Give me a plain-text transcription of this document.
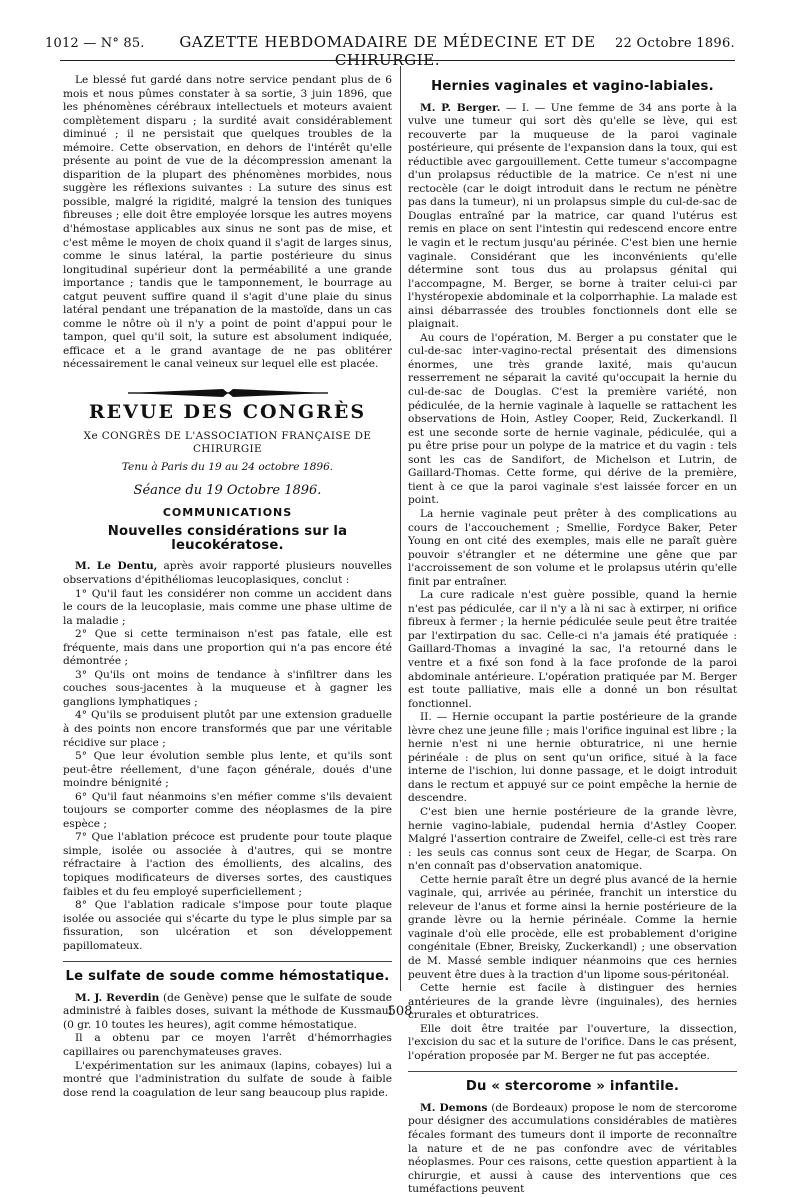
1012 — N° 85.	GAZETTE HEBDOMADAIRE DE MÉDECINE ET DE CHIRURGIE.
22 Octobre 1896.

Le blessé fut gardé dans notre service pendant plus de 6 mois et nous pûmes constater à sa sortie, 3 juin 1896, que les phénomènes cérébraux intellectuels et moteurs avaient complètement disparu ; la surdité avait considérablement diminué ; il ne persistait que quelques troubles de la mémoire. Cette observation, en dehors de l'intérêt qu'elle présente au point de vue de la décompression amenant la disparition de la plupart des phénomènes morbides, nous suggère les réflexions suivantes : La suture des sinus est possible, malgré la rigidité, malgré la tension des tuniques fibreuses ; elle doit être employée lorsque les autres moyens d'hémostase applicables aux sinus ne sont pas de mise, et c'est même le moyen de choix quand il s'agit de larges sinus, comme le sinus latéral, la partie postérieure du sinus longitudinal supérieur dont la perméabilité a une grande importance ; tandis que le tamponnement, le bourrage au catgut peuvent suffire quand il s'agit d'une plaie du sinus latéral pendant une trépanation de la mastoïde, dans un cas comme le nôtre où il n'y a point de point d'appui pour le tampon, quel qu'il soit, la suture est absolument indiquée, efficace et a le grand avantage de ne pas oblitérer nécessairement le canal veineux sur lequel elle est placée.

REVUE DES CONGRÈS
Xe CONGRÈS DE L'ASSOCIATION FRANÇAISE DE CHIRURGIE
Tenu à Paris du 19 au 24 octobre 1896.
Séance du 19 Octobre 1896.
COMMUNICATIONS
Nouvelles considérations sur la leucokératose.

M. Le Dentu, après avoir rapporté plusieurs nouvelles observations d'épithéliomas leucoplasiques, conclut :

1° Qu'il faut les considérer non comme un accident dans le cours de la leucoplasie, mais comme une phase ultime de la maladie ;

2° Que si cette terminaison n'est pas fatale, elle est fréquente, mais dans une proportion qui n'a pas encore été démontrée ;

3° Qu'ils ont moins de tendance à s'infiltrer dans les couches sous-jacentes à la muqueuse et à gagner les ganglions lymphatiques ;

4° Qu'ils se produisent plutôt par une extension graduelle à des points non encore transformés que par une véritable récidive sur place ;

5° Que leur évolution semble plus lente, et qu'ils sont peut-être réellement, d'une façon générale, doués d'une moindre bénignité ;

6° Qu'il faut néanmoins s'en méfier comme s'ils devaient toujours se comporter comme des néoplasmes de la pire espèce ;

7° Que l'ablation précoce est prudente pour toute plaque simple, isolée ou associée à d'autres, qui se montre réfractaire à l'action des émollients, des alcalins, des topiques modificateurs de diverses sortes, des caustiques faibles et du feu employé superficiellement ;

8° Que l'ablation radicale s'impose pour toute plaque isolée ou associée qui s'écarte du type le plus simple par sa fissuration, son ulcération et son développement papillomateux.

Le sulfate de soude comme hémostatique.

M. J. Reverdin (de Genève) pense que le sulfate de soude administré à faibles doses, suivant la méthode de Kussmaul (0 gr. 10 toutes les heures), agit comme hémostatique.

Il a obtenu par ce moyen l'arrêt d'hémorrhagies capillaires ou parenchymateuses graves.

L'expérimentation sur les animaux (lapins, cobayes) lui a montré que l'administration du sulfate de soude à faible dose rend la coagulation de leur sang beaucoup plus rapide.

Hernies vaginales et vagino-labiales.

M. P. Berger. — I. — Une femme de 34 ans porte à la vulve une tumeur qui sort dès qu'elle se lève, qui est recouverte par la muqueuse de la paroi vaginale postérieure, qui présente de l'expansion dans la toux, qui est réductible avec gargouillement. Cette tumeur s'accompagne d'un prolapsus réductible de la matrice. Ce n'est ni une rectocèle (car le doigt introduit dans le rectum ne pénètre pas dans la tumeur), ni un prolapsus simple du cul-de-sac de Douglas entraîné par la matrice, car quand l'utérus est remis en place on sent l'intestin qui redescend encore entre le vagin et le rectum jusqu'au périnée. C'est bien une hernie vaginale. Considérant que les inconvénients qu'elle détermine sont tous dus au prolapsus génital qui l'accompagne, M. Berger, se borne à traiter celui-ci par l'hystéropexie abdominale et la colporrhaphie. La malade est ainsi débarrassée des troubles fonctionnels dont elle se plaignait.

Au cours de l'opération, M. Berger a pu constater que le cul-de-sac inter-vagino-rectal présentait des dimensions énormes, une très grande laxité, mais qu'aucun resserrement ne séparait la cavité qu'occupait la hernie du cul-de-sac de Douglas. C'est la première variété, non pédiculée, de la hernie vaginale à laquelle se rattachent les observations de Hoin, Astley Cooper, Reid, Zuckerkandl. Il est une seconde sorte de hernie vaginale, pédiculée, qui a pu être prise pour un polype de la matrice et du vagin : tels sont les cas de Sandifort, de Michelson et Lutrin, de Gaillard-Thomas. Cette forme, qui dérive de la première, tient à ce que la paroi vaginale s'est laissée forcer en un point.

La hernie vaginale peut prêter à des complications au cours de l'accouchement ; Smellie, Fordyce Baker, Peter Young en ont cité des exemples, mais elle ne paraît guère pouvoir s'étrangler et ne détermine une gêne que par l'accroissement de son volume et le prolapsus utérin qu'elle finit par entraîner.

La cure radicale n'est guère possible, quand la hernie n'est pas pédiculée, car il n'y a là ni sac à extirper, ni orifice fibreux à fermer ; la hernie pédiculée seule peut être traitée par l'extirpation du sac. Celle-ci n'a jamais été pratiquée : Gaillard-Thomas a invaginé la sac, l'a retourné dans le ventre et a fixé son fond à la face profonde de la paroi abdominale antérieure. L'opération pratiquée par M. Berger est toute palliative, mais elle a donné un bon résultat fonctionnel.

II. — Hernie occupant la partie postérieure de la grande lèvre chez une jeune fille ; mais l'orifice inguinal est libre ; la hernie n'est ni une hernie obturatrice, ni une hernie périnéale : de plus on sent qu'un orifice, situé à la face interne de l'ischion, lui donne passage, et le doigt introduit dans le rectum et appuyé sur ce point empêche la hernie de descendre.

C'est bien une hernie postérieure de la grande lèvre, hernie vagino-labiale, pudendal hernia d'Astley Cooper. Malgré l'assertion contraire de Zweifel, celle-ci est très rare : les seuls cas connus sont ceux de Hegar, de Scarpa. On n'en connaît pas d'observation anatomique.

Cette hernie paraît être un degré plus avancé de la hernie vaginale, qui, arrivée au périnée, franchit un interstice du releveur de l'anus et forme ainsi la hernie postérieure de la grande lèvre ou la hernie périnéale. Comme la hernie vaginale d'où elle procède, elle est probablement d'origine congénitale (Ebner, Breisky, Zuckerkandl) ; une observation de M. Massé semble indiquer néanmoins que ces hernies peuvent être dues à la traction d'un lipome sous-péritonéal.

Cette hernie est facile à distinguer des hernies antérieures de la grande lèvre (inguinales), des hernies crurales et obturatrices.

Elle doit être traitée par l'ouverture, la dissection, l'excision du sac et la suture de l'orifice. Dans le cas présent, l'opération proposée par M. Berger ne fut pas acceptée.

Du « stercorome » infantile.

M. Demons (de Bordeaux) propose le nom de stercorome pour désigner des accumulations considérables de matières fécales formant des tumeurs dont il importe de reconnaître la nature et de ne pas confondre avec de véritables néoplasmes. Pour ces raisons, cette question appartient à la chirurgie, et aussi à cause des interventions que ces tuméfactions peuvent

508
